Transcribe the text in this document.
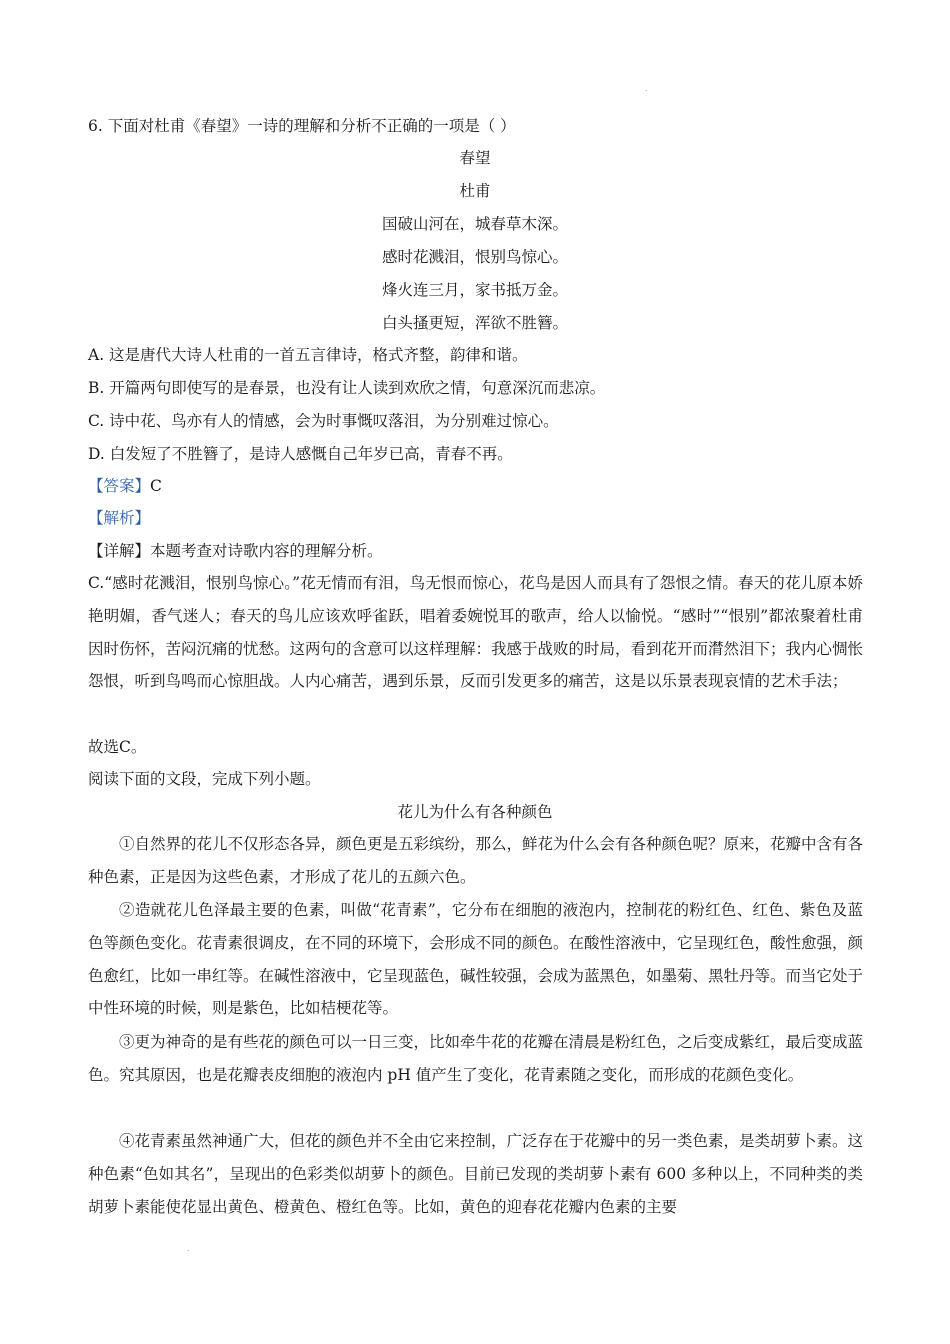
.
6. 下面对杜甫《春望》一诗的理解和分析不正确的一项是（ ）
春望
杜甫
国破山河在，城春草木深。
感时花溅泪，恨别鸟惊心。
烽火连三月，家书抵万金。
白头搔更短，浑欲不胜簪。
A. 这是唐代大诗人杜甫的一首五言律诗，格式齐整，韵律和谐。
B. 开篇两句即使写的是春景，也没有让人读到欢欣之情，句意深沉而悲凉。
C. 诗中花、鸟亦有人的情感，会为时事慨叹落泪，为分别难过惊心。
D. 白发短了不胜簪了，是诗人感慨自己年岁已高，青春不再。
【答案】C
【解析】
【详解】本题考查对诗歌内容的理解分析。
C.“感时花溅泪，恨别鸟惊心。”花无情而有泪，鸟无恨而惊心，花鸟是因人而具有了怨恨之情。春天的花儿原本娇艳明媚，香气迷人；春天的鸟儿应该欢呼雀跃，唱着委婉悦耳的歌声，给人以愉悦。“感时”“恨别”都浓聚着杜甫因时伤怀，苦闷沉痛的忧愁。这两句的含意可以这样理解：我感于战败的时局，看到花开而潸然泪下；我内心惆怅怨恨，听到鸟鸣而心惊胆战。人内心痛苦，遇到乐景，反而引发更多的痛苦，这是以乐景表现哀情的艺术手法；
故选C。
阅读下面的文段，完成下列小题。
花儿为什么有各种颜色
①自然界的花儿不仅形态各异，颜色更是五彩缤纷，那么，鲜花为什么会有各种颜色呢？原来，花瓣中含有各种色素，正是因为这些色素，才形成了花儿的五颜六色。
②造就花儿色泽最主要的色素，叫做“花青素”，它分布在细胞的液泡内，控制花的粉红色、红色、紫色及蓝色等颜色变化。花青素很调皮，在不同的环境下，会形成不同的颜色。在酸性溶液中，它呈现红色，酸性愈强，颜色愈红，比如一串红等。在碱性溶液中，它呈现蓝色，碱性较强，会成为蓝黑色，如墨菊、黑牡丹等。而当它处于中性环境的时候，则是紫色，比如桔梗花等。
③更为神奇的是有些花的颜色可以一日三变，比如牵牛花的花瓣在清晨是粉红色，之后变成紫红，最后变成蓝色。究其原因，也是花瓣表皮细胞的液泡内 pH 值产生了变化，花青素随之变化，而形成的花颜色变化。
④花青素虽然神通广大，但花的颜色并不全由它来控制，广泛存在于花瓣中的另一类色素，是类胡萝卜素。这种色素“色如其名”，呈现出的色彩类似胡萝卜的颜色。目前已发现的类胡萝卜素有 600 多种以上，不同种类的类胡萝卜素能使花显出黄色、橙黄色、橙红色等。比如，黄色的迎春花花瓣内色素的主要
.
